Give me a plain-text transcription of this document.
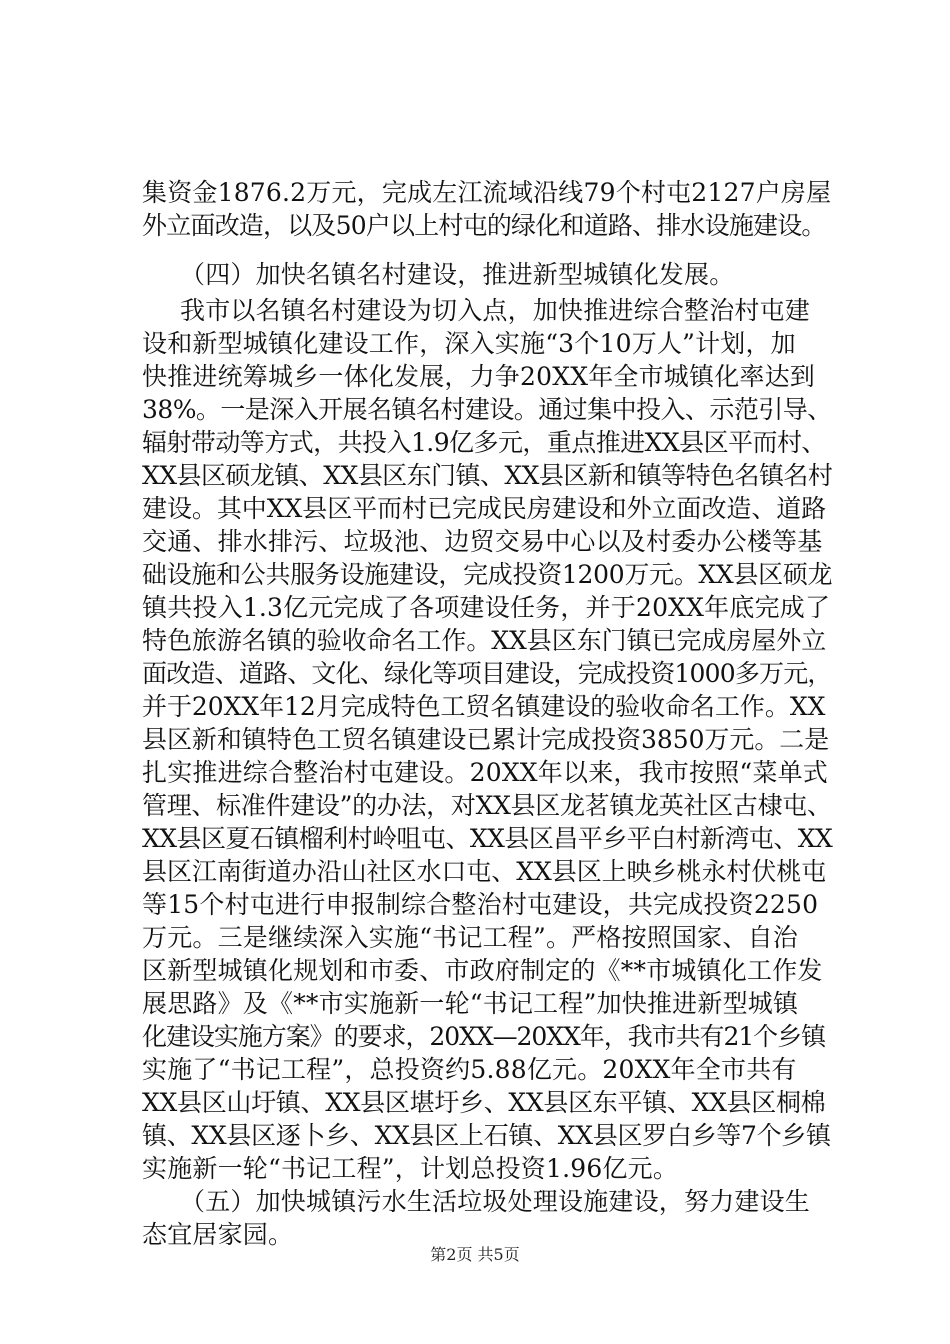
集资金1876.2万元，完成左江流域沿线79个村屯2127户房屋
外立面改造，以及50户以上村屯的绿化和道路、排水设施建设。
（四）加快名镇名村建设，推进新型城镇化发展。
我市以名镇名村建设为切入点，加快推进综合整治村屯建
设和新型城镇化建设工作，深入实施“3个10万人”计划，加
快推进统筹城乡一体化发展，力争20XX年全市城镇化率达到
38%。一是深入开展名镇名村建设。通过集中投入、示范引导、
辐射带动等方式，共投入1.9亿多元，重点推进XX县区平而村、
XX县区硕龙镇、XX县区东门镇、XX县区新和镇等特色名镇名村
建设。其中XX县区平而村已完成民房建设和外立面改造、道路
交通、排水排污、垃圾池、边贸交易中心以及村委办公楼等基
础设施和公共服务设施建设，完成投资1200万元。XX县区硕龙
镇共投入1.3亿元完成了各项建设任务，并于20XX年底完成了
特色旅游名镇的验收命名工作。XX县区东门镇已完成房屋外立
面改造、道路、文化、绿化等项目建设，完成投资1000多万元，
并于20XX年12月完成特色工贸名镇建设的验收命名工作。XX
县区新和镇特色工贸名镇建设已累计完成投资3850万元。二是
扎实推进综合整治村屯建设。20XX年以来，我市按照“菜单式
管理、标准件建设”的办法，对XX县区龙茗镇龙英社区古棣屯、
XX县区夏石镇榴利村岭咀屯、XX县区昌平乡平白村新湾屯、XX
县区江南街道办沿山社区水口屯、XX县区上映乡桃永村伏桃屯
等15个村屯进行申报制综合整治村屯建设，共完成投资2250
万元。三是继续深入实施“书记工程”。严格按照国家、自治
区新型城镇化规划和市委、市政府制定的《**市城镇化工作发
展思路》及《**市实施新一轮“书记工程”加快推进新型城镇
化建设实施方案》的要求，20XX—20XX年，我市共有21个乡镇
实施了“书记工程”，总投资约5.88亿元。20XX年全市共有
XX县区山圩镇、XX县区堪圩乡、XX县区东平镇、XX县区桐棉
镇、XX县区逐卜乡、XX县区上石镇、XX县区罗白乡等7个乡镇
实施新一轮“书记工程”，计划总投资1.96亿元。
（五）加快城镇污水生活垃圾处理设施建设，努力建设生
态宜居家园。
第2页 共5页
